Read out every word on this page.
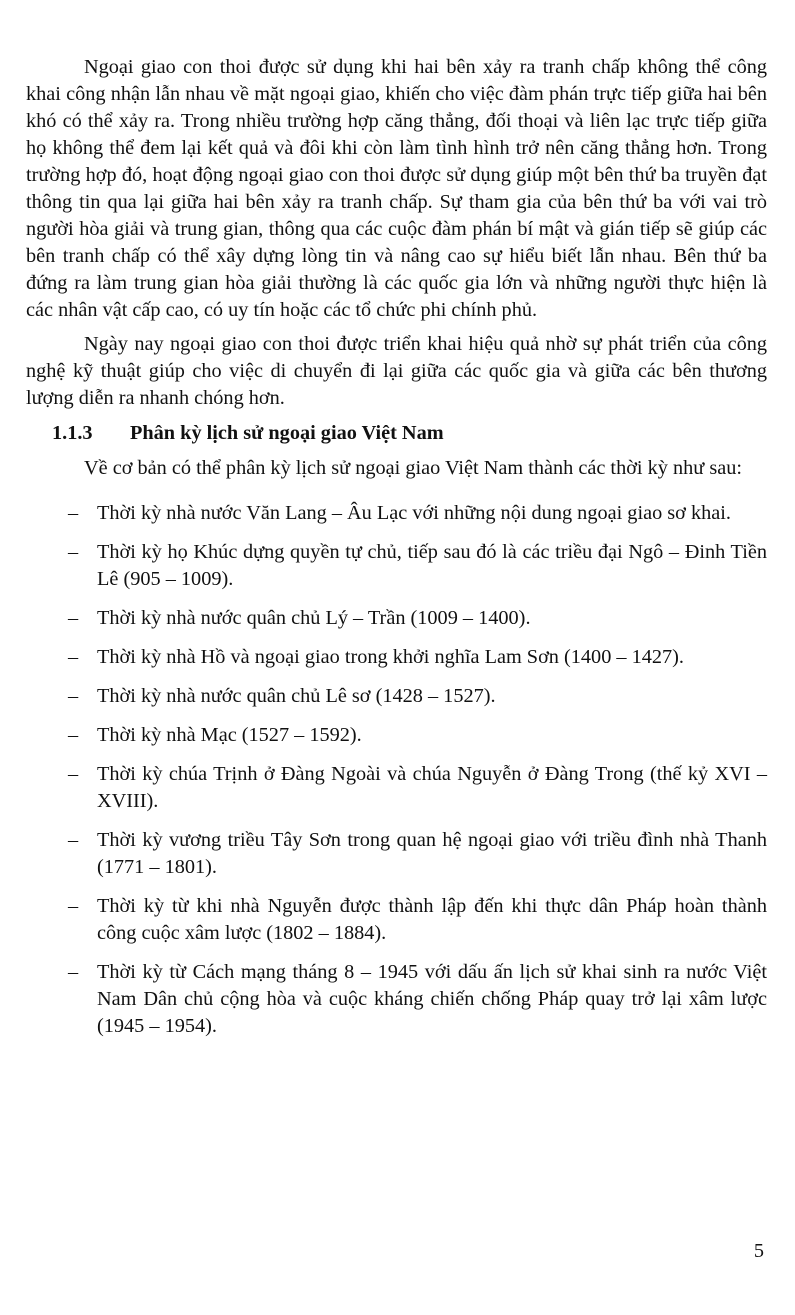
Ngoại giao con thoi được sử dụng khi hai bên xảy ra tranh chấp không thể công khai công nhận lẫn nhau về mặt ngoại giao, khiến cho việc đàm phán trực tiếp giữa hai bên khó có thể xảy ra. Trong nhiều trường hợp căng thẳng, đối thoại và liên lạc trực tiếp giữa họ không thể đem lại kết quả và đôi khi còn làm tình hình trở nên căng thẳng hơn. Trong trường hợp đó, hoạt động ngoại giao con thoi được sử dụng giúp một bên thứ ba truyền đạt thông tin qua lại giữa hai bên xảy ra tranh chấp. Sự tham gia của bên thứ ba với vai trò người hòa giải và trung gian, thông qua các cuộc đàm phán bí mật và gián tiếp sẽ giúp các bên tranh chấp có thể xây dựng lòng tin và nâng cao sự hiểu biết lẫn nhau. Bên thứ ba đứng ra làm trung gian hòa giải thường là các quốc gia lớn và những người thực hiện là các nhân vật cấp cao, có uy tín hoặc các tổ chức phi chính phủ.

Ngày nay ngoại giao con thoi được triển khai hiệu quả nhờ sự phát triển của công nghệ kỹ thuật giúp cho việc di chuyển đi lại giữa các quốc gia và giữa các bên thương lượng diễn ra nhanh chóng hơn.

1.1.3 Phân kỳ lịch sử ngoại giao Việt Nam

Về cơ bản có thể phân kỳ lịch sử ngoại giao Việt Nam thành các thời kỳ như sau:

– Thời kỳ nhà nước Văn Lang – Âu Lạc với những nội dung ngoại giao sơ khai.
– Thời kỳ họ Khúc dựng quyền tự chủ, tiếp sau đó là các triều đại Ngô – Đinh Tiền Lê (905 – 1009).
– Thời kỳ nhà nước quân chủ Lý – Trần (1009 – 1400).
– Thời kỳ nhà Hồ và ngoại giao trong khởi nghĩa Lam Sơn (1400 – 1427).
– Thời kỳ nhà nước quân chủ Lê sơ (1428 – 1527).
– Thời kỳ nhà Mạc (1527 – 1592).
– Thời kỳ chúa Trịnh ở Đàng Ngoài và chúa Nguyễn ở Đàng Trong (thế kỷ XVI – XVIII).
– Thời kỳ vương triều Tây Sơn trong quan hệ ngoại giao với triều đình nhà Thanh (1771 – 1801).
– Thời kỳ từ khi nhà Nguyễn được thành lập đến khi thực dân Pháp hoàn thành công cuộc xâm lược (1802 – 1884).
– Thời kỳ từ Cách mạng tháng 8 – 1945 với dấu ấn lịch sử khai sinh ra nước Việt Nam Dân chủ cộng hòa và cuộc kháng chiến chống Pháp quay trở lại xâm lược (1945 – 1954).
5
